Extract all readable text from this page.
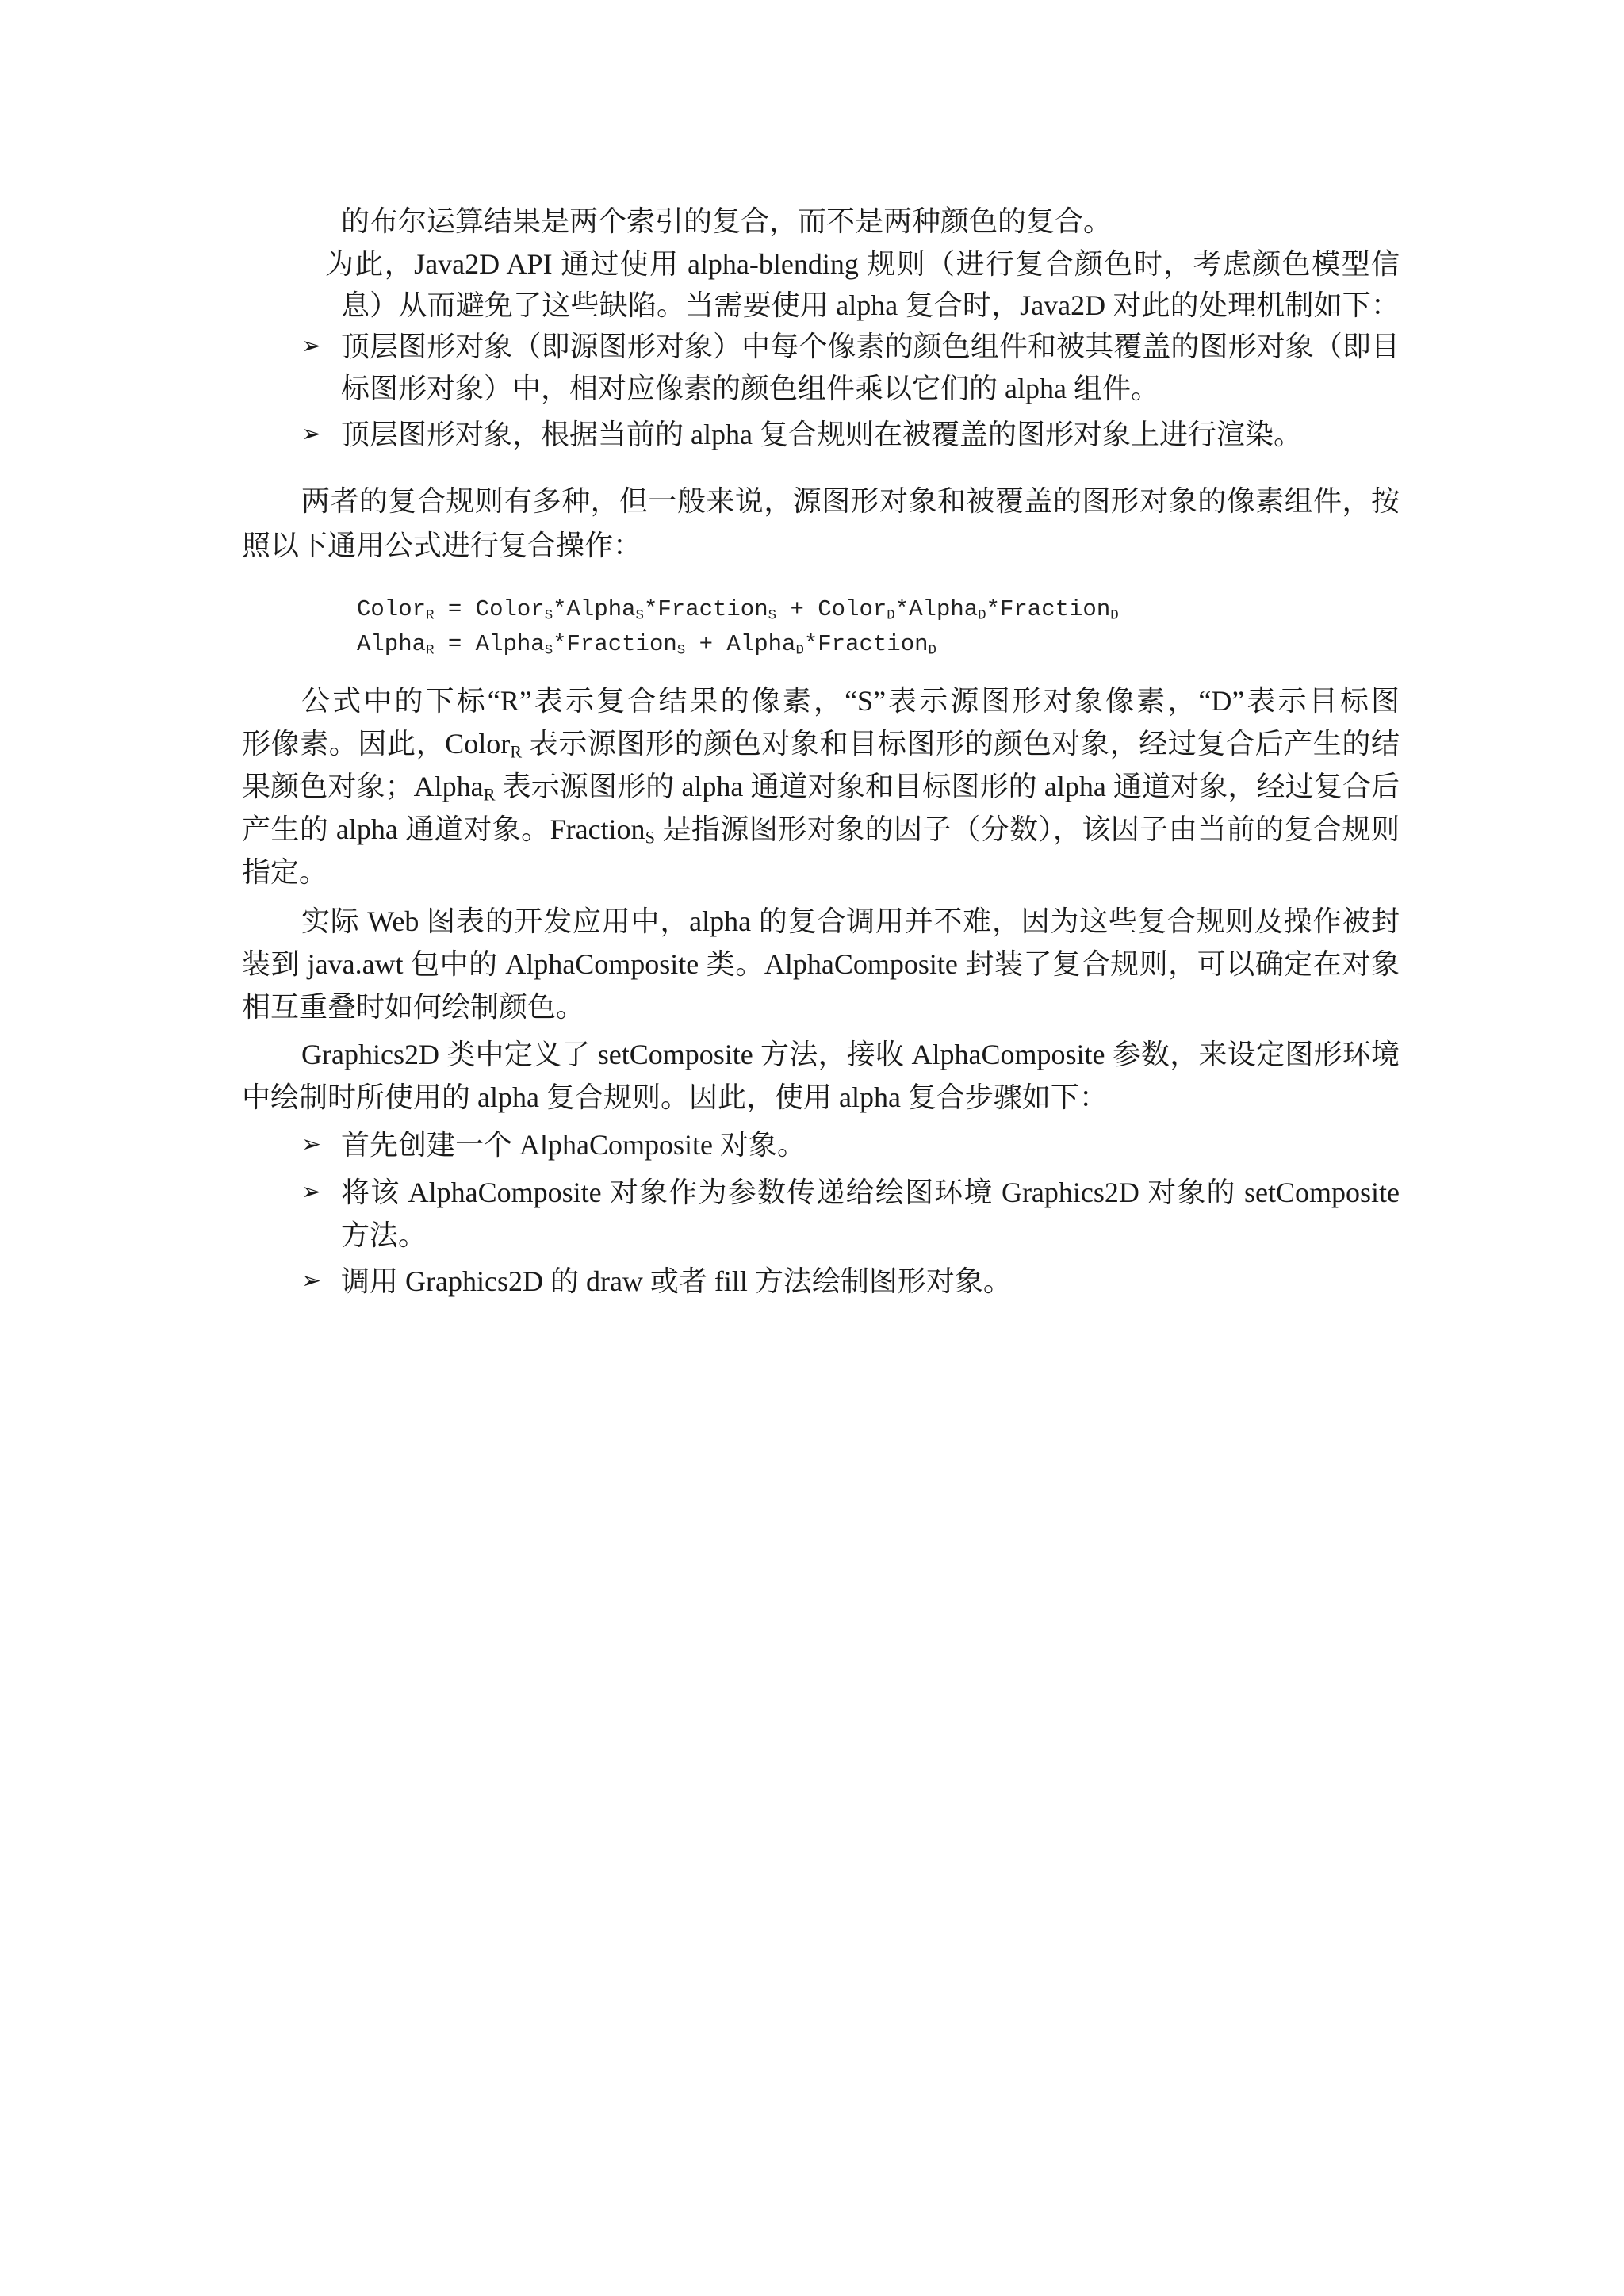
的布尔运算结果是两个索引的复合，而不是两种颜色的复合。
为此，Java2D API 通过使用 alpha-blending 规则（进行复合颜色时，考虑颜色模型信
息）从而避免了这些缺陷。当需要使用 alpha 复合时，Java2D 对此的处理机制如下：
➢ 顶层图形对象（即源图形对象）中每个像素的颜色组件和被其覆盖的图形对象（即目
标图形对象）中，相对应像素的颜色组件乘以它们的 alpha 组件。
➢ 顶层图形对象，根据当前的 alpha 复合规则在被覆盖的图形对象上进行渲染。
两者的复合规则有多种，但一般来说，源图形对象和被覆盖的图形对象的像素组件，按
照以下通用公式进行复合操作：
Color$_R$ = Color$_S$*Alpha$_S$*Fraction$_S$ + Color$_D$*Alpha$_D$*Fraction$_D$
Alpha$_R$ = Alpha$_S$*Fraction$_S$ + Alpha$_D$*Fraction$_D$
公式中的下标“R”表示复合结果的像素，“S”表示源图形对象像素，“D”表示目标图
形像素。因此，Color$_R$ 表示源图形的颜色对象和目标图形的颜色对象，经过复合后产生的结
果颜色对象；Alpha$_R$ 表示源图形的 alpha 通道对象和目标图形的 alpha 通道对象，经过复合后
产生的 alpha 通道对象。Fraction$_S$ 是指源图形对象的因子（分数），该因子由当前的复合规则
指定。
实际 Web 图表的开发应用中，alpha 的复合调用并不难，因为这些复合规则及操作被封
装到 java.awt 包中的 AlphaComposite 类。AlphaComposite 封装了复合规则，可以确定在对象
相互重叠时如何绘制颜色。
Graphics2D 类中定义了 setComposite 方法，接收 AlphaComposite 参数，来设定图形环境
中绘制时所使用的 alpha 复合规则。因此，使用 alpha 复合步骤如下：
➢ 首先创建一个 AlphaComposite 对象。
➢ 将该 AlphaComposite 对象作为参数传递给绘图环境 Graphics2D 对象的 setComposite
方法。
➢ 调用 Graphics2D 的 draw 或者 fill 方法绘制图形对象。
